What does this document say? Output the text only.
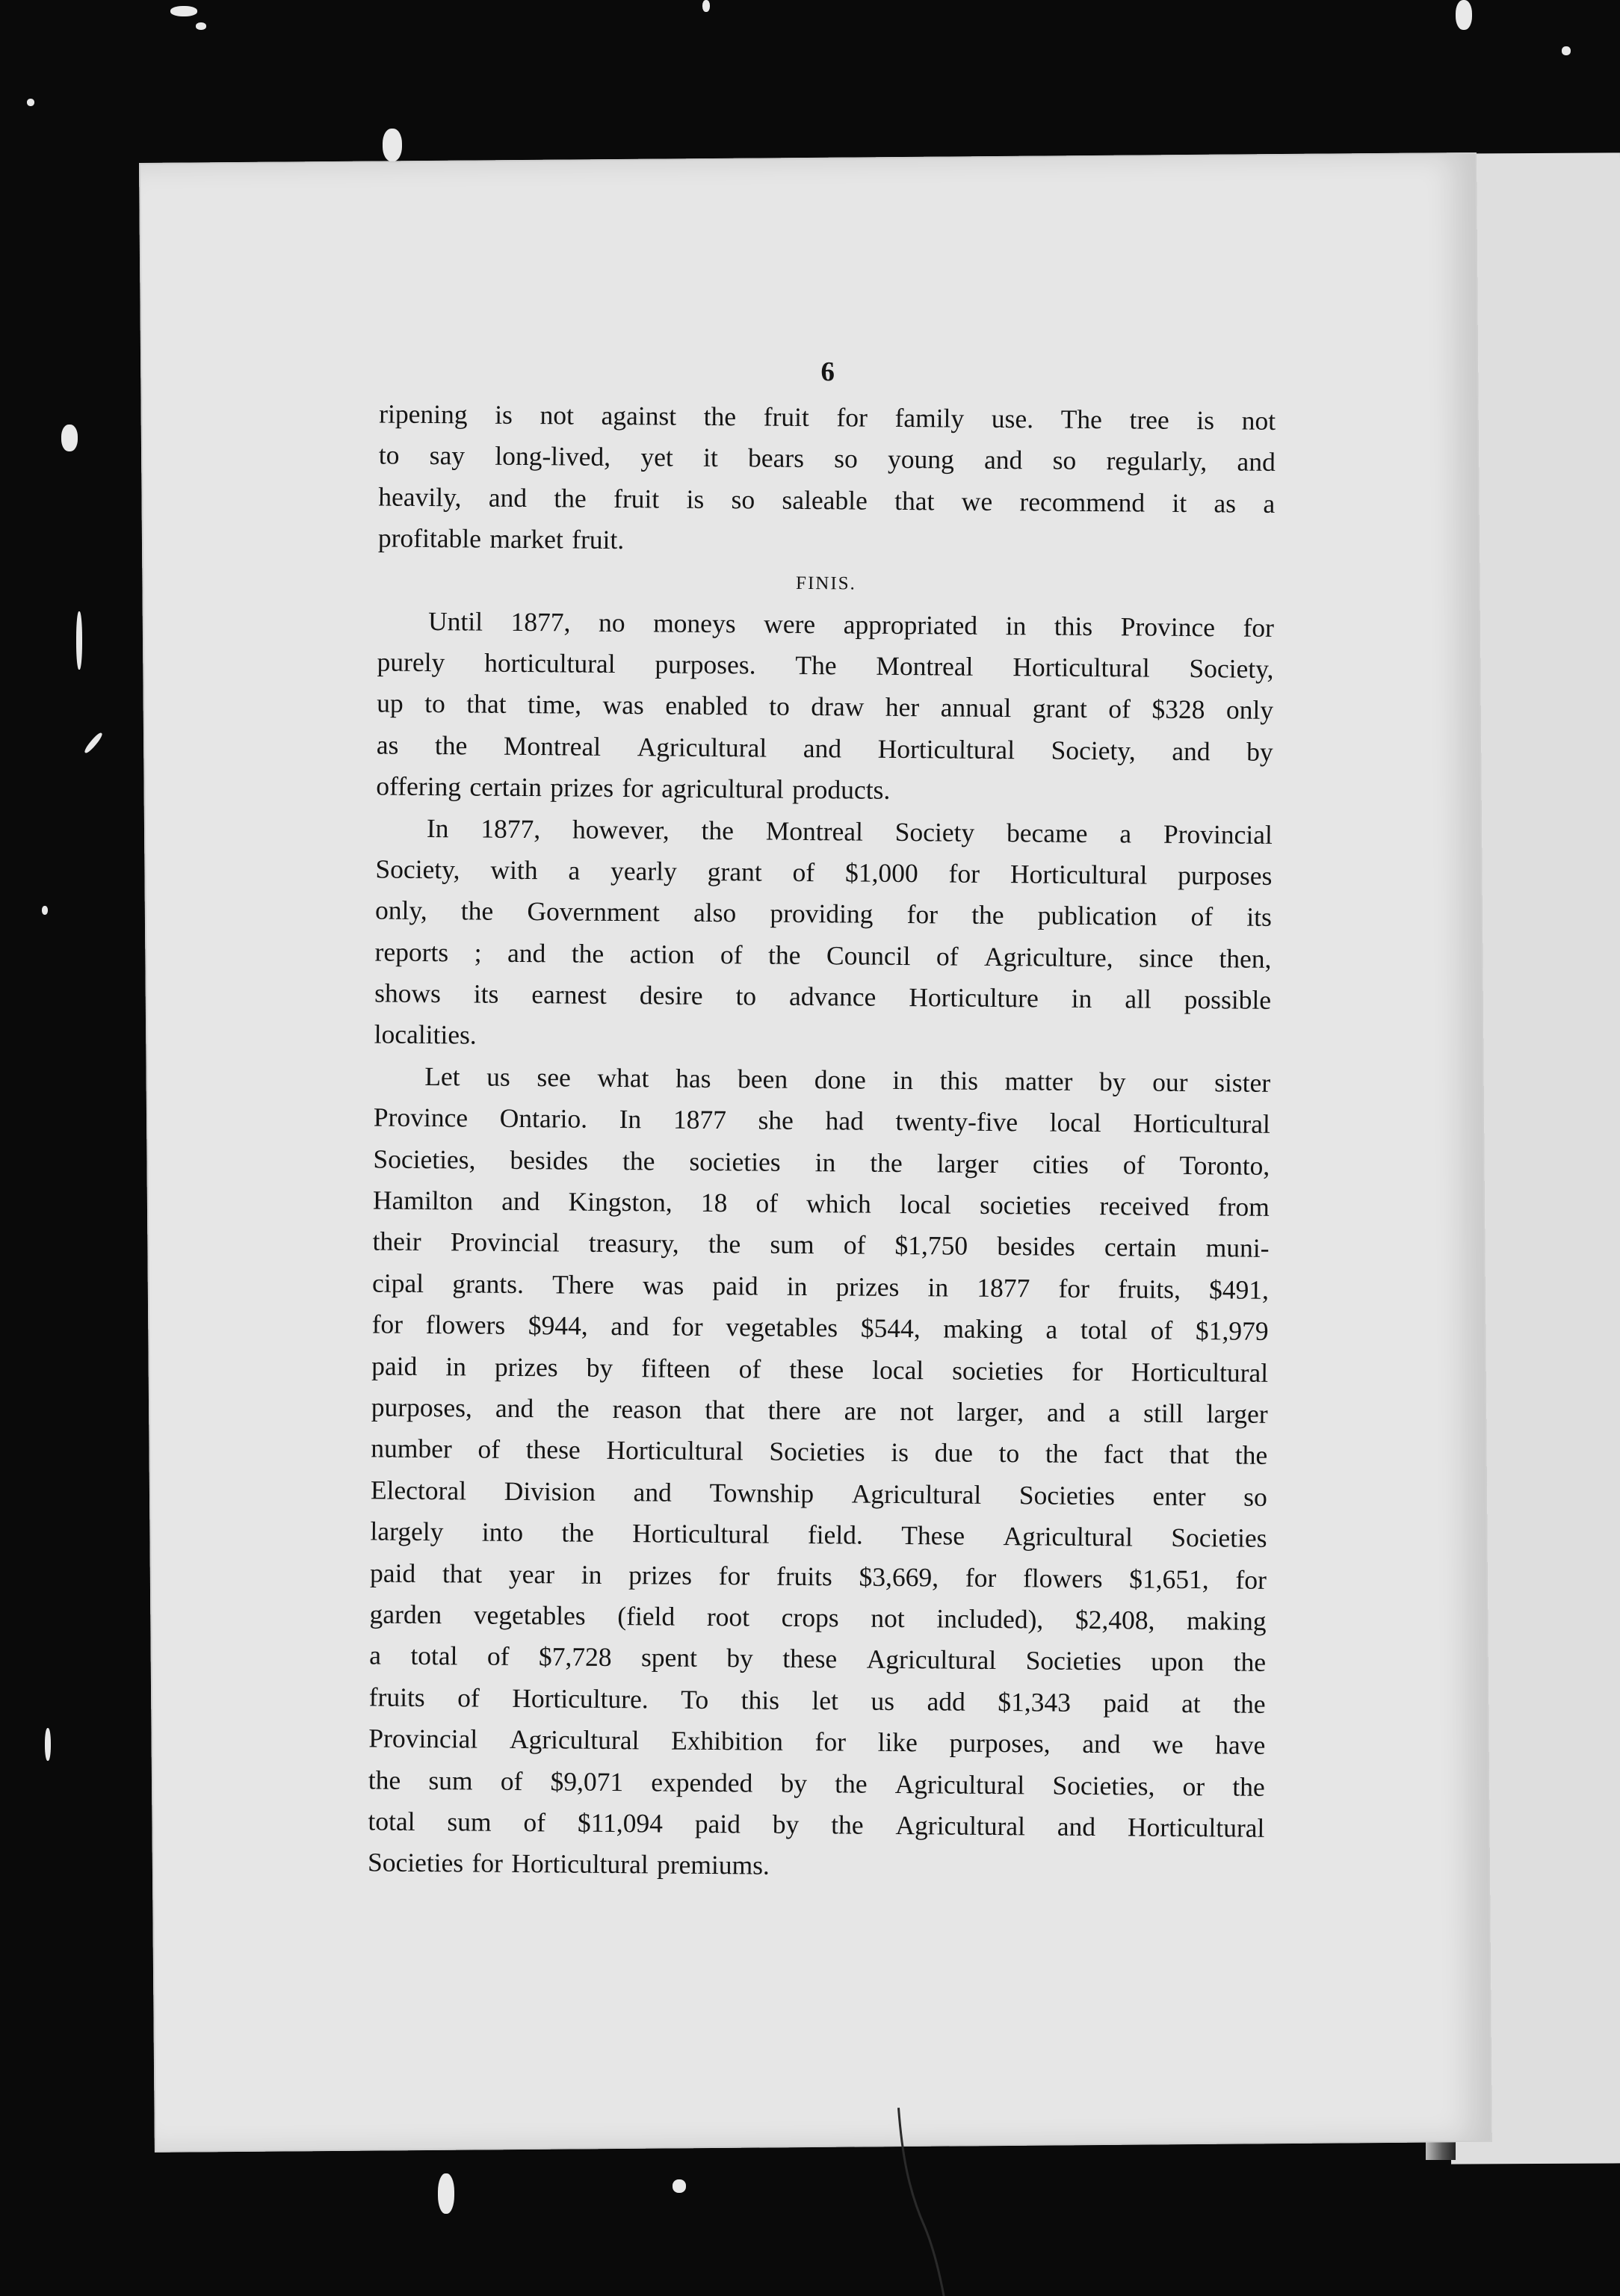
6
ripening is not against the fruit for family use. The tree is not
to say long-lived, yet it bears so young and so regularly, and
heavily, and the fruit is so saleable that we recommend it as a
profitable market fruit.
FINIS.
Until 1877, no moneys were appropriated in this Province for
purely horticultural purposes. The Montreal Horticultural Society,
up to that time, was enabled to draw her annual grant of $328 only
as the Montreal Agricultural and Horticultural Society, and by
offering certain prizes for agricultural products.
In 1877, however, the Montreal Society became a Provincial
Society, with a yearly grant of $1,000 for Horticultural purposes
only, the Government also providing for the publication of its
reports ; and the action of the Council of Agriculture, since then,
shows its earnest desire to advance Horticulture in all possible
localities.
Let us see what has been done in this matter by our sister
Province Ontario. In 1877 she had twenty-five local Horticultural
Societies, besides the societies in the larger cities of Toronto,
Hamilton and Kingston, 18 of which local societies received from
their Provincial treasury, the sum of $1,750 besides certain muni-
cipal grants. There was paid in prizes in 1877 for fruits, $491,
for flowers $944, and for vegetables $544, making a total of $1,979
paid in prizes by fifteen of these local societies for Horticultural
purposes, and the reason that there are not larger, and a still larger
number of these Horticultural Societies is due to the fact that the
Electoral Division and Township Agricultural Societies enter so
largely into the Horticultural field. These Agricultural Societies
paid that year in prizes for fruits $3,669, for flowers $1,651, for
garden vegetables (field root crops not included), $2,408, making
a total of $7,728 spent by these Agricultural Societies upon the
fruits of Horticulture. To this let us add $1,343 paid at the
Provincial Agricultural Exhibition for like purposes, and we have
the sum of $9,071 expended by the Agricultural Societies, or the
total sum of $11,094 paid by the Agricultural and Horticultural
Societies for Horticultural premiums.
